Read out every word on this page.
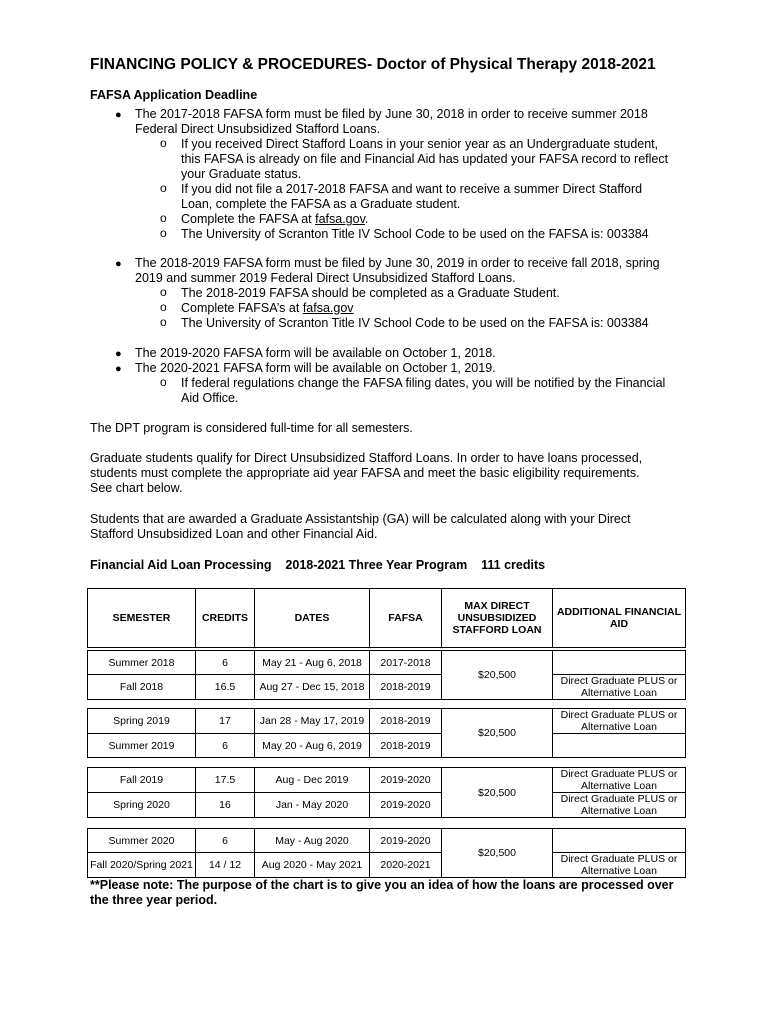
FINANCING POLICY & PROCEDURES- Doctor of Physical Therapy 2018-2021
FAFSA Application Deadline
● The 2017-2018 FAFSA form must be filed by June 30, 2018 in order to receive summer 2018
Federal Direct Unsubsidized Stafford Loans.
o If you received Direct Stafford Loans in your senior year as an Undergraduate student,
this FAFSA is already on file and Financial Aid has updated your FAFSA record to reflect
your Graduate status.
o If you did not file a 2017-2018 FAFSA and want to receive a summer Direct Stafford
Loan, complete the FAFSA as a Graduate student.
o Complete the FAFSA at fafsa.gov.
o The University of Scranton Title IV School Code to be used on the FAFSA is: 003384
● The 2018-2019 FAFSA form must be filed by June 30, 2019 in order to receive fall 2018, spring
2019 and summer 2019 Federal Direct Unsubsidized Stafford Loans.
o The 2018-2019 FAFSA should be completed as a Graduate Student.
o Complete FAFSA’s at fafsa.gov
o The University of Scranton Title IV School Code to be used on the FAFSA is: 003384
● The 2019-2020 FAFSA form will be available on October 1, 2018.
● The 2020-2021 FAFSA form will be available on October 1, 2019.
o If federal regulations change the FAFSA filing dates, you will be notified by the Financial
Aid Office.
The DPT program is considered full-time for all semesters.
Graduate students qualify for Direct Unsubsidized Stafford Loans. In order to have loans processed,
students must complete the appropriate aid year FAFSA and meet the basic eligibility requirements.
See chart below.
Students that are awarded a Graduate Assistantship (GA) will be calculated along with your Direct
Stafford Unsubsidized Loan and other Financial Aid.
Financial Aid Loan Processing    2018-2021 Three Year Program    111 credits
SEMESTER	CREDITS	DATES	FAFSA	MAX DIRECT UNSUBSIDIZED STAFFORD LOAN	ADDITIONAL FINANCIAL AID
Summer 2018	6	May 21 - Aug 6, 2018	2017-2018	$20,500	
Fall 2018	16.5	Aug 27 - Dec 15, 2018	2018-2019		Direct Graduate PLUS or Alternative Loan
Spring 2019	17	Jan 28 - May 17, 2019	2018-2019	$20,500	Direct Graduate PLUS or Alternative Loan
Summer 2019	6	May 20 - Aug 6, 2019	2018-2019		
Fall 2019	17.5	Aug - Dec 2019	2019-2020	$20,500	Direct Graduate PLUS or Alternative Loan
Spring 2020	16	Jan - May 2020	2019-2020		Direct Graduate PLUS or Alternative Loan
Summer 2020	6	May - Aug 2020	2019-2020	$20,500	
Fall 2020/Spring 2021	14 / 12	Aug 2020 - May 2021	2020-2021		Direct Graduate PLUS or Alternative Loan
**Please note: The purpose of the chart is to give you an idea of how the loans are processed over the three year period.
